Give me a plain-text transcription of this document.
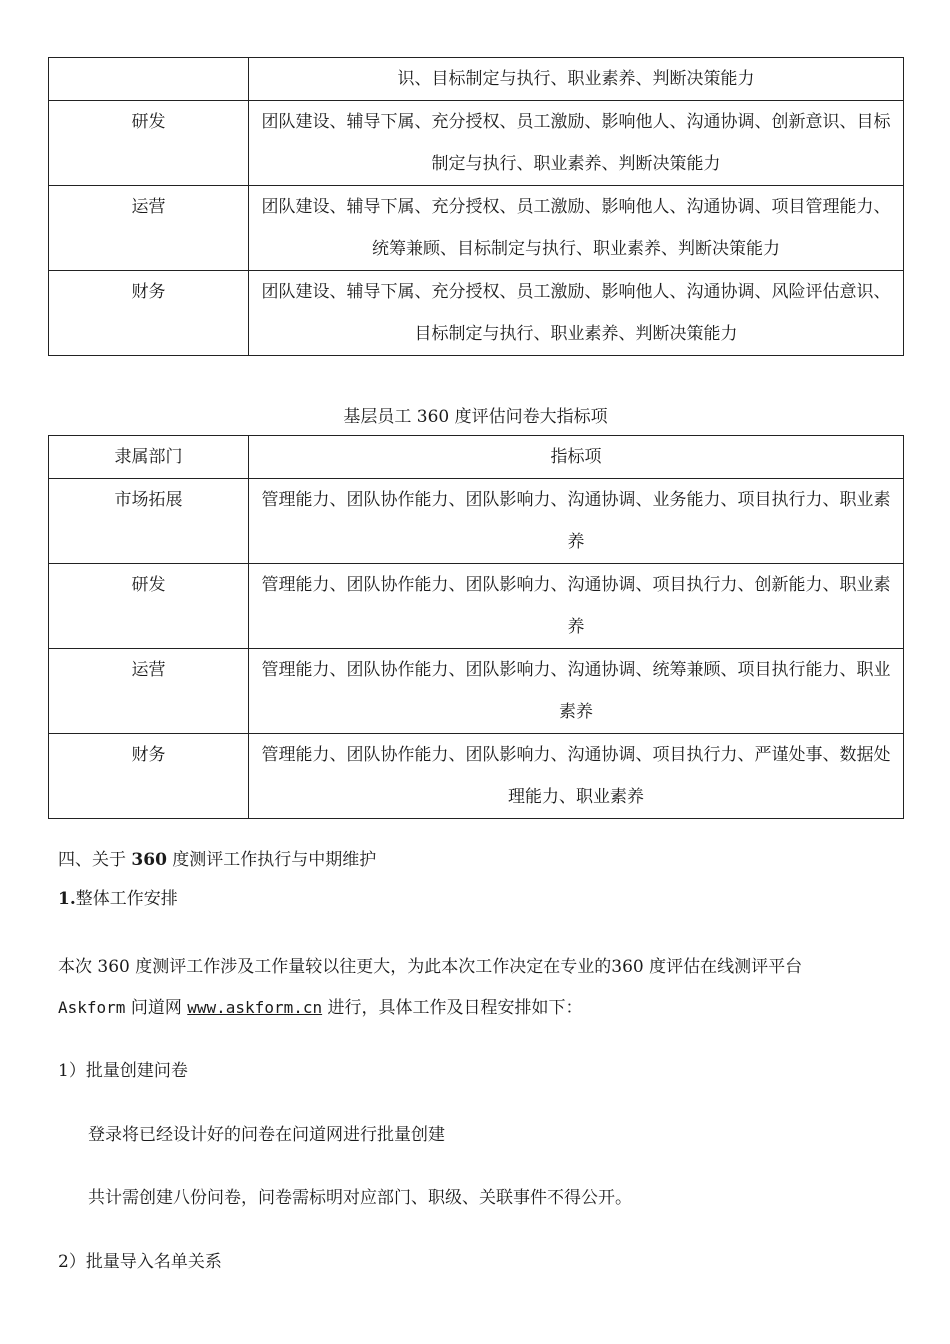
	识、目标制定与执行、职业素养、判断决策能力

研发	团队建设、辅导下属、充分授权、员工激励、影响他人、沟通协调、创新意识、目标制定与执行、职业素养、判断决策能力

运营	团队建设、辅导下属、充分授权、员工激励、影响他人、沟通协调、项目管理能力、统筹兼顾、目标制定与执行、职业素养、判断决策能力

财务	团队建设、辅导下属、充分授权、员工激励、影响他人、沟通协调、风险评估意识、目标制定与执行、职业素养、判断决策能力
基层员工 360 度评估问卷大指标项
隶属部门	指标项

市场拓展	管理能力、团队协作能力、团队影响力、沟通协调、业务能力、项目执行力、职业素养

研发	管理能力、团队协作能力、团队影响力、沟通协调、项目执行力、创新能力、职业素养

运营	管理能力、团队协作能力、团队影响力、沟通协调、统筹兼顾、项目执行能力、职业素养

财务	管理能力、团队协作能力、团队影响力、沟通协调、项目执行力、严谨处事、数据处理能力、职业素养
四、关于 360 度测评工作执行与中期维护
1.整体工作安排
本次 360 度测评工作涉及工作量较以往更大，为此本次工作决定在专业的360 度评估在线测评平台
Askform 问道网 www.askform.cn 进行，具体工作及日程安排如下：
1）批量创建问卷
登录将已经设计好的问卷在问道网进行批量创建
共计需创建八份问卷，问卷需标明对应部门、职级、关联事件不得公开。
2）批量导入名单关系
